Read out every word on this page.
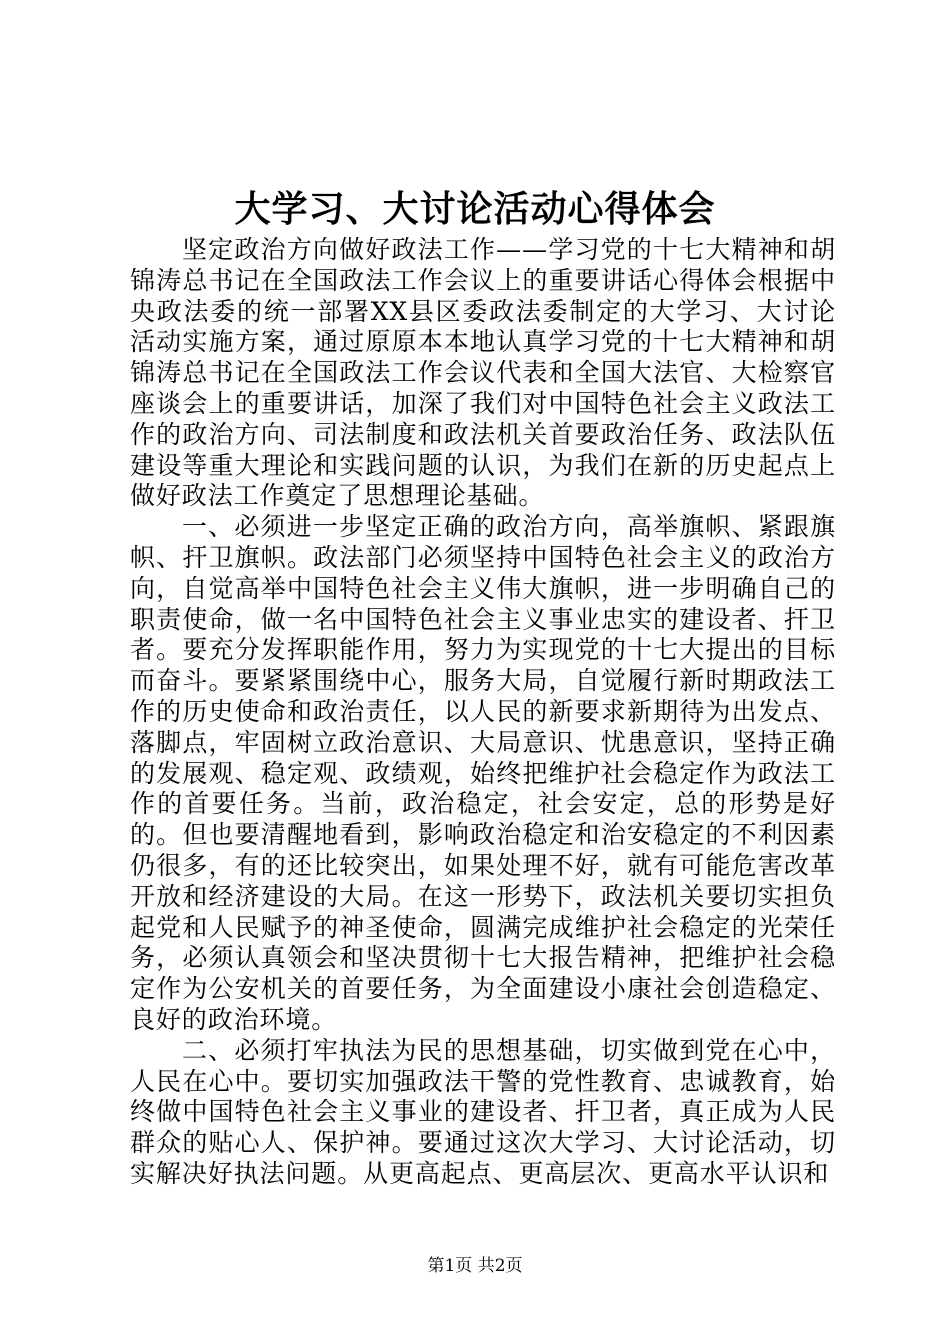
大学习、大讨论活动心得体会

坚定政治方向做好政法工作——学习党的十七大精神和胡锦涛总书记在全国政法工作会议上的重要讲话心得体会根据中央政法委的统一部署XX县区委政法委制定的大学习、大讨论活动实施方案，通过原原本本地认真学习党的十七大精神和胡锦涛总书记在全国政法工作会议代表和全国大法官、大检察官座谈会上的重要讲话，加深了我们对中国特色社会主义政法工作的政治方向、司法制度和政法机关首要政治任务、政法队伍建设等重大理论和实践问题的认识，为我们在新的历史起点上做好政法工作奠定了思想理论基础。

一、必须进一步坚定正确的政治方向，高举旗帜、紧跟旗帜、扞卫旗帜。政法部门必须坚持中国特色社会主义的政治方向，自觉高举中国特色社会主义伟大旗帜，进一步明确自己的职责使命，做一名中国特色社会主义事业忠实的建设者、扞卫者。要充分发挥职能作用，努力为实现党的十七大提出的目标而奋斗。要紧紧围绕中心，服务大局，自觉履行新时期政法工作的历史使命和政治责任，以人民的新要求新期待为出发点、落脚点，牢固树立政治意识、大局意识、忧患意识，坚持正确的发展观、稳定观、政绩观，始终把维护社会稳定作为政法工作的首要任务。当前，政治稳定，社会安定，总的形势是好的。但也要清醒地看到，影响政治稳定和治安稳定的不利因素仍很多，有的还比较突出，如果处理不好，就有可能危害改革开放和经济建设的大局。在这一形势下，政法机关要切实担负起党和人民赋予的神圣使命，圆满完成维护社会稳定的光荣任务，必须认真领会和坚决贯彻十七大报告精神，把维护社会稳定作为公安机关的首要任务，为全面建设小康社会创造稳定、良好的政治环境。

二、必须打牢执法为民的思想基础，切实做到党在心中，人民在心中。要切实加强政法干警的党性教育、忠诚教育，始终做中国特色社会主义事业的建设者、扞卫者，真正成为人民群众的贴心人、保护神。要通过这次大学习、大讨论活动，切实解决好执法问题。从更高起点、更高层次、更高水平认识和

第1页 共2页
